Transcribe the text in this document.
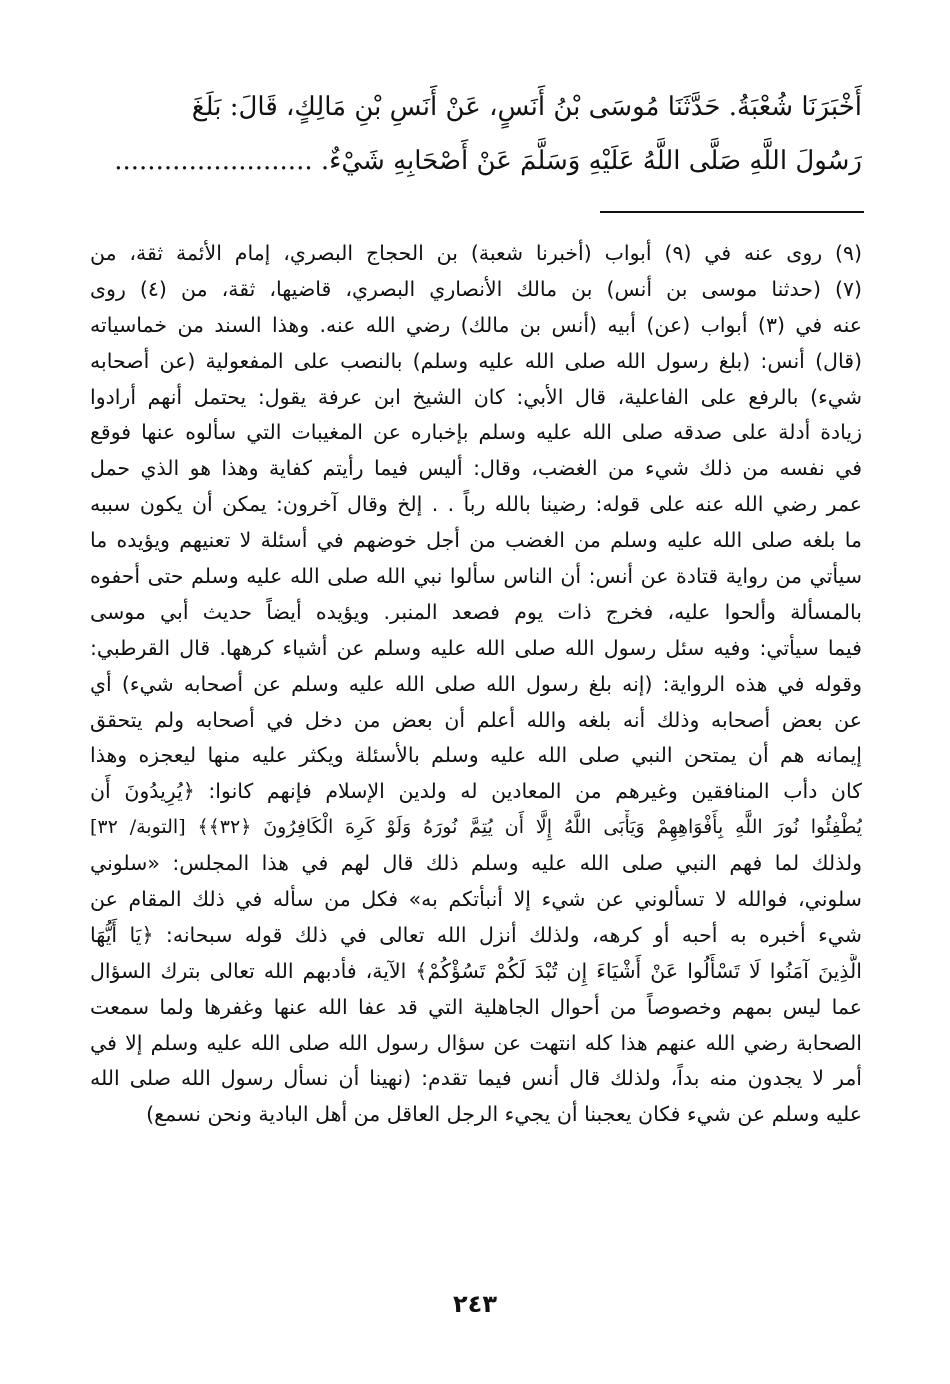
أَخْبَرَنَا شُعْبَةُ. حَدَّثَنَا مُوسَى بْنُ أَنَسٍ، عَنْ أَنَسِ بْنِ مَالِكٍ، قَالَ: بَلَغَ
رَسُولَ اللَّهِ صَلَّى اللَّهُ عَلَيْهِ وَسَلَّمَ عَنْ أَصْحَابِهِ شَيْءٌ. ........................
(٩) روى عنه في (٩) أبواب (أخبرنا شعبة) بن الحجاج البصري، إمام الأئمة ثقة، من
(٧) (حدثنا موسى بن أنس) بن مالك الأنصاري البصري، قاضيها، ثقة، من (٤) روى
عنه في (٣) أبواب (عن) أبيه (أنس بن مالك) رضي الله عنه. وهذا السند من خماسياته
(قال) أنس: (بلغ رسول الله صلى الله عليه وسلم) بالنصب على المفعولية (عن أصحابه
شيء) بالرفع على الفاعلية، قال الأبي: كان الشيخ ابن عرفة يقول: يحتمل أنهم أرادوا
زيادة أدلة على صدقه صلى الله عليه وسلم بإخباره عن المغيبات التي سألوه عنها فوقع
في نفسه من ذلك شيء من الغضب، وقال: أليس فيما رأيتم كفاية وهذا هو الذي حمل
عمر رضي الله عنه على قوله: رضينا بالله رباً . . إلخ وقال آخرون: يمكن أن يكون سببه
ما بلغه صلى الله عليه وسلم من الغضب من أجل خوضهم في أسئلة لا تعنيهم ويؤيده ما
سيأتي من رواية قتادة عن أنس: أن الناس سألوا نبي الله صلى الله عليه وسلم حتى أحفوه
بالمسألة وألحوا عليه، فخرج ذات يوم فصعد المنبر. ويؤيده أيضاً حديث أبي موسى
فيما سيأتي: وفيه سئل رسول الله صلى الله عليه وسلم عن أشياء كرهها. قال القرطبي:
وقوله في هذه الرواية: (إنه بلغ رسول الله صلى الله عليه وسلم عن أصحابه شيء) أي
عن بعض أصحابه وذلك أنه بلغه والله أعلم أن بعض من دخل في أصحابه ولم يتحقق
إيمانه هم أن يمتحن النبي صلى الله عليه وسلم بالأسئلة ويكثر عليه منها ليعجزه وهذا
كان دأب المنافقين وغيرهم من المعادين له ولدين الإسلام فإنهم كانوا: ﴿يُرِيدُونَ أَن
يُطْفِئُوا نُورَ اللَّهِ بِأَفْوَاهِهِمْ وَيَأْبَى اللَّهُ إِلَّا أَن يُتِمَّ نُورَهُ وَلَوْ كَرِهَ الْكَافِرُونَ ﴿٣٢﴾﴾ [التوبة/ ٣٢]
ولذلك لما فهم النبي صلى الله عليه وسلم ذلك قال لهم في هذا المجلس: «سلوني
سلوني، فوالله لا تسألوني عن شيء إلا أنبأتكم به» فكل من سأله في ذلك المقام عن
شيء أخبره به أحبه أو كرهه، ولذلك أنزل الله تعالى في ذلك قوله سبحانه: ﴿يَا أَيُّهَا
الَّذِينَ آمَنُوا لَا تَسْأَلُوا عَنْ أَشْيَاءَ إِن تُبْدَ لَكُمْ تَسُؤْكُمْ﴾ الآية، فأدبهم الله تعالى بترك السؤال
عما ليس بمهم وخصوصاً من أحوال الجاهلية التي قد عفا الله عنها وغفرها ولما سمعت
الصحابة رضي الله عنهم هذا كله انتهت عن سؤال رسول الله صلى الله عليه وسلم إلا في
أمر لا يجدون منه بداً، ولذلك قال أنس فيما تقدم: (نهينا أن نسأل رسول الله صلى الله
عليه وسلم عن شيء فكان يعجبنا أن يجيء الرجل العاقل من أهل البادية ونحن نسمع)
٢٤٣
